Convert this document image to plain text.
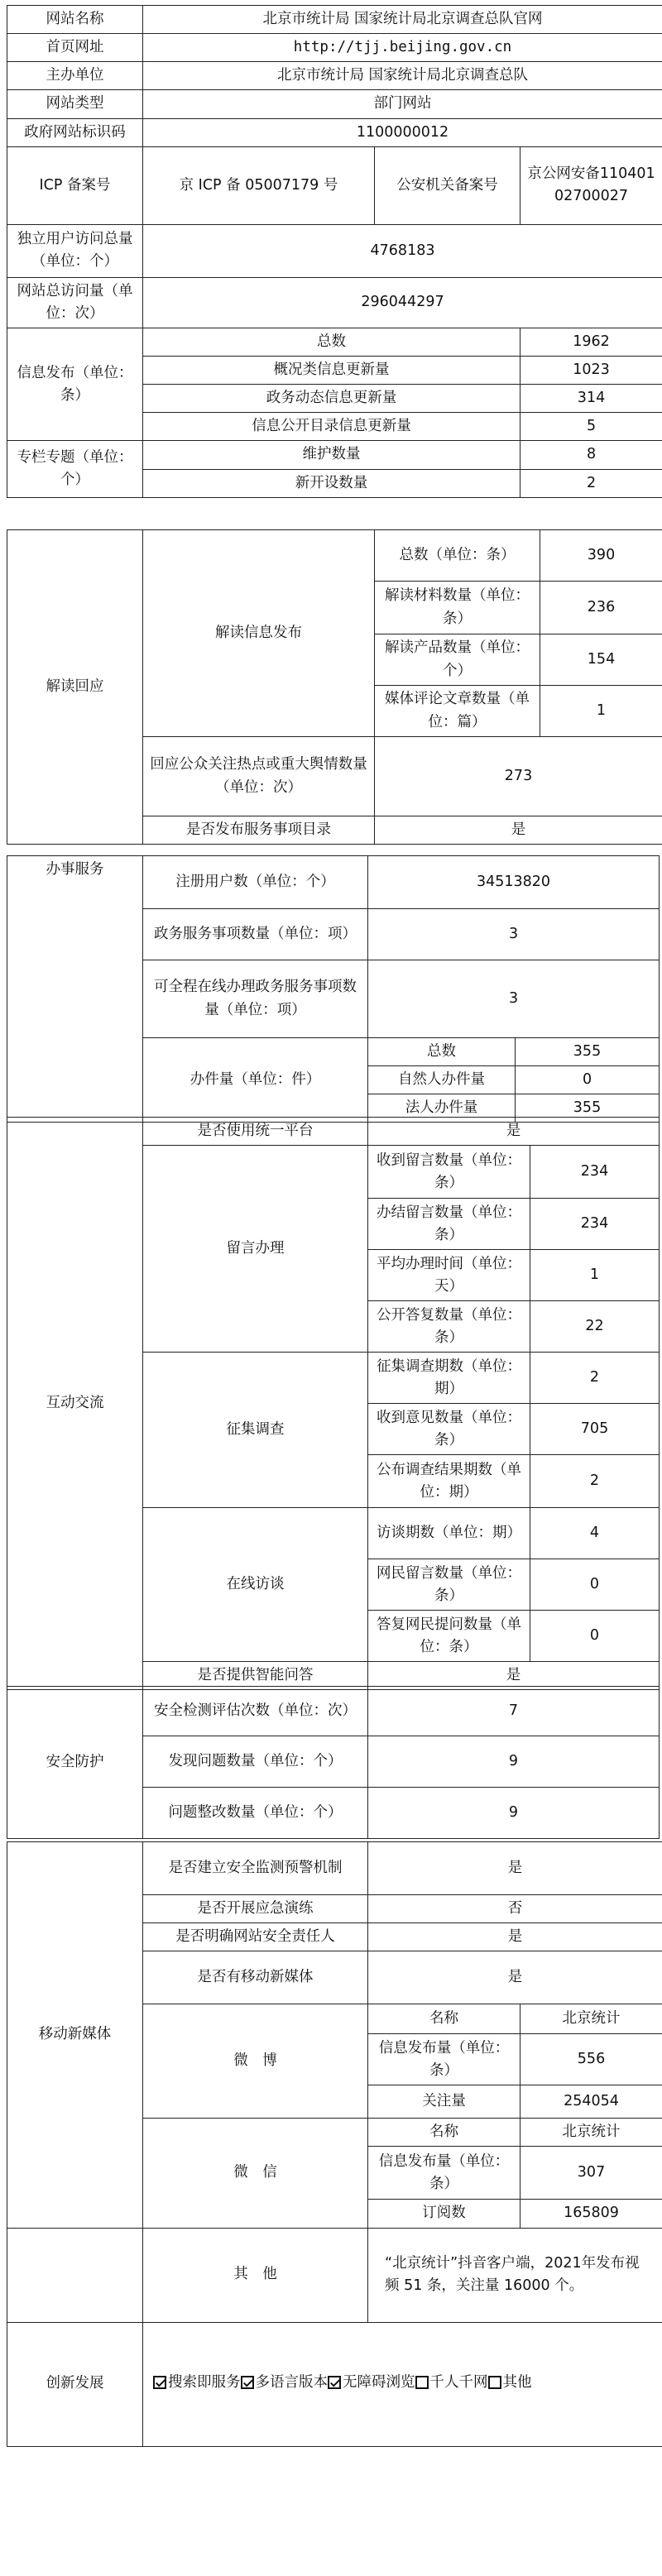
网站名称	北京市统计局 国家统计局北京调查总队官网		
首页网址	http://tjj.beijing.gov.cn		
主办单位	北京市统计局 国家统计局北京调查总队		
网站类型	部门网站		
政府网站标识码	1100000012		
ICP 备案号	京 ICP 备 05007179 号	公安机关备案号	京公网安备11040102700027
独立用户访问总量（单位：个）	4768183		
网站总访问量（单位：次）	296044297		
信息发布（单位：条）	总数		1962
	概况类信息更新量		1023
	政务动态信息更新量		314
	信息公开目录信息更新量		5
专栏专题（单位：个）	维护数量		8
	新开设数量		2
解读回应	解读信息发布	总数（单位：条）	390
		解读材料数量（单位：条）	236
		解读产品数量（单位：个）	154
		媒体评论文章数量（单位：篇）	1
	回应公众关注热点或重大舆情数量（单位：次）	273	
	是否发布服务事项目录	是	
办事服务	注册用户数（单位：个）	34513820	
	政务服务事项数量（单位：项）	3	
	可全程在线办理政务服务事项数量（单位：项）	3	
	办件量（单位：件）	总数	355
		自然人办件量	0
		法人办件量	355
互动交流	是否使用统一平台	是	
	留言办理	收到留言数量（单位：条）	234
		办结留言数量（单位：条）	234
		平均办理时间（单位：天）	1
		公开答复数量（单位：条）	22
	征集调查	征集调查期数（单位：期）	2
		收到意见数量（单位：条）	705
		公布调查结果期数（单位：期）	2
	在线访谈	访谈期数（单位：期）	4
		网民留言数量（单位：条）	0
		答复网民提问数量（单位：条）	0
	是否提供智能问答	是	
安全防护	安全检测评估次数（单位：次）	7
	发现问题数量（单位：个）	9
	问题整改数量（单位：个）	9
移动新媒体	是否建立安全监测预警机制	是	
	是否开展应急演练	否	
	是否明确网站安全责任人	是	
	是否有移动新媒体	是	
	微　博	名称	北京统计
		信息发布量（单位：条）	556
		关注量	254054
	微　信	名称	北京统计
		信息发布量（单位：条）	307
		订阅数	165809
	其　他	“北京统计”抖音客户端，2021年发布视频 51 条，关注量 16000 个。	
创新发展	搜索即服务 多语言版本 无障碍浏览 千人千网 其他		
